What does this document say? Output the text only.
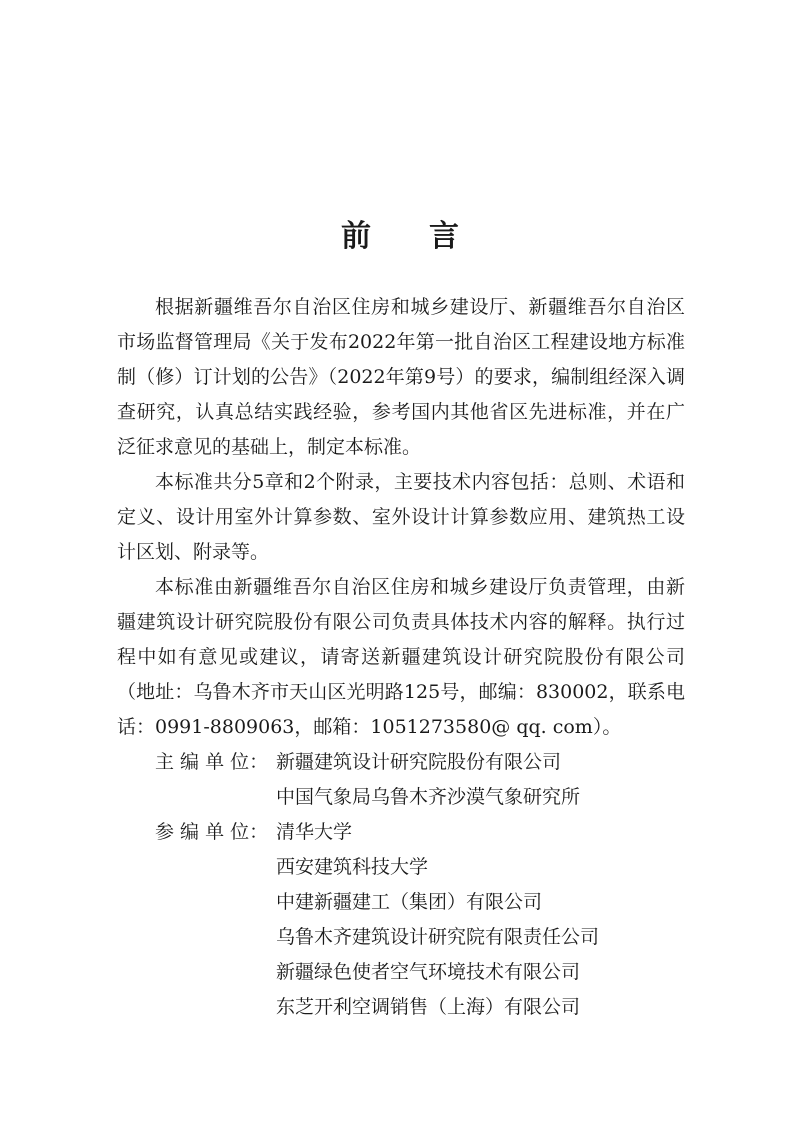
前 言

根据新疆维吾尔自治区住房和城乡建设厅、新疆维吾尔自治区市场监督管理局《关于发布2022年第一批自治区工程建设地方标准制（修）订计划的公告》（2022年第9号）的要求，编制组经深入调查研究，认真总结实践经验，参考国内其他省区先进标准，并在广泛征求意见的基础上，制定本标准。

本标准共分5章和2个附录，主要技术内容包括：总则、术语和定义、设计用室外计算参数、室外设计计算参数应用、建筑热工设计区划、附录等。

本标准由新疆维吾尔自治区住房和城乡建设厅负责管理，由新疆建筑设计研究院股份有限公司负责具体技术内容的解释。执行过程中如有意见或建议，请寄送新疆建筑设计研究院股份有限公司（地址：乌鲁木齐市天山区光明路125号，邮编：830002，联系电话：0991-8809063，邮箱：1051273580@ qq. com）。

主 编 单 位： 新疆建筑设计研究院股份有限公司
中国气象局乌鲁木齐沙漠气象研究所
参 编 单 位： 清华大学
西安建筑科技大学
中建新疆建工（集团）有限公司
乌鲁木齐建筑设计研究院有限责任公司
新疆绿色使者空气环境技术有限公司
东芝开利空调销售（上海）有限公司
